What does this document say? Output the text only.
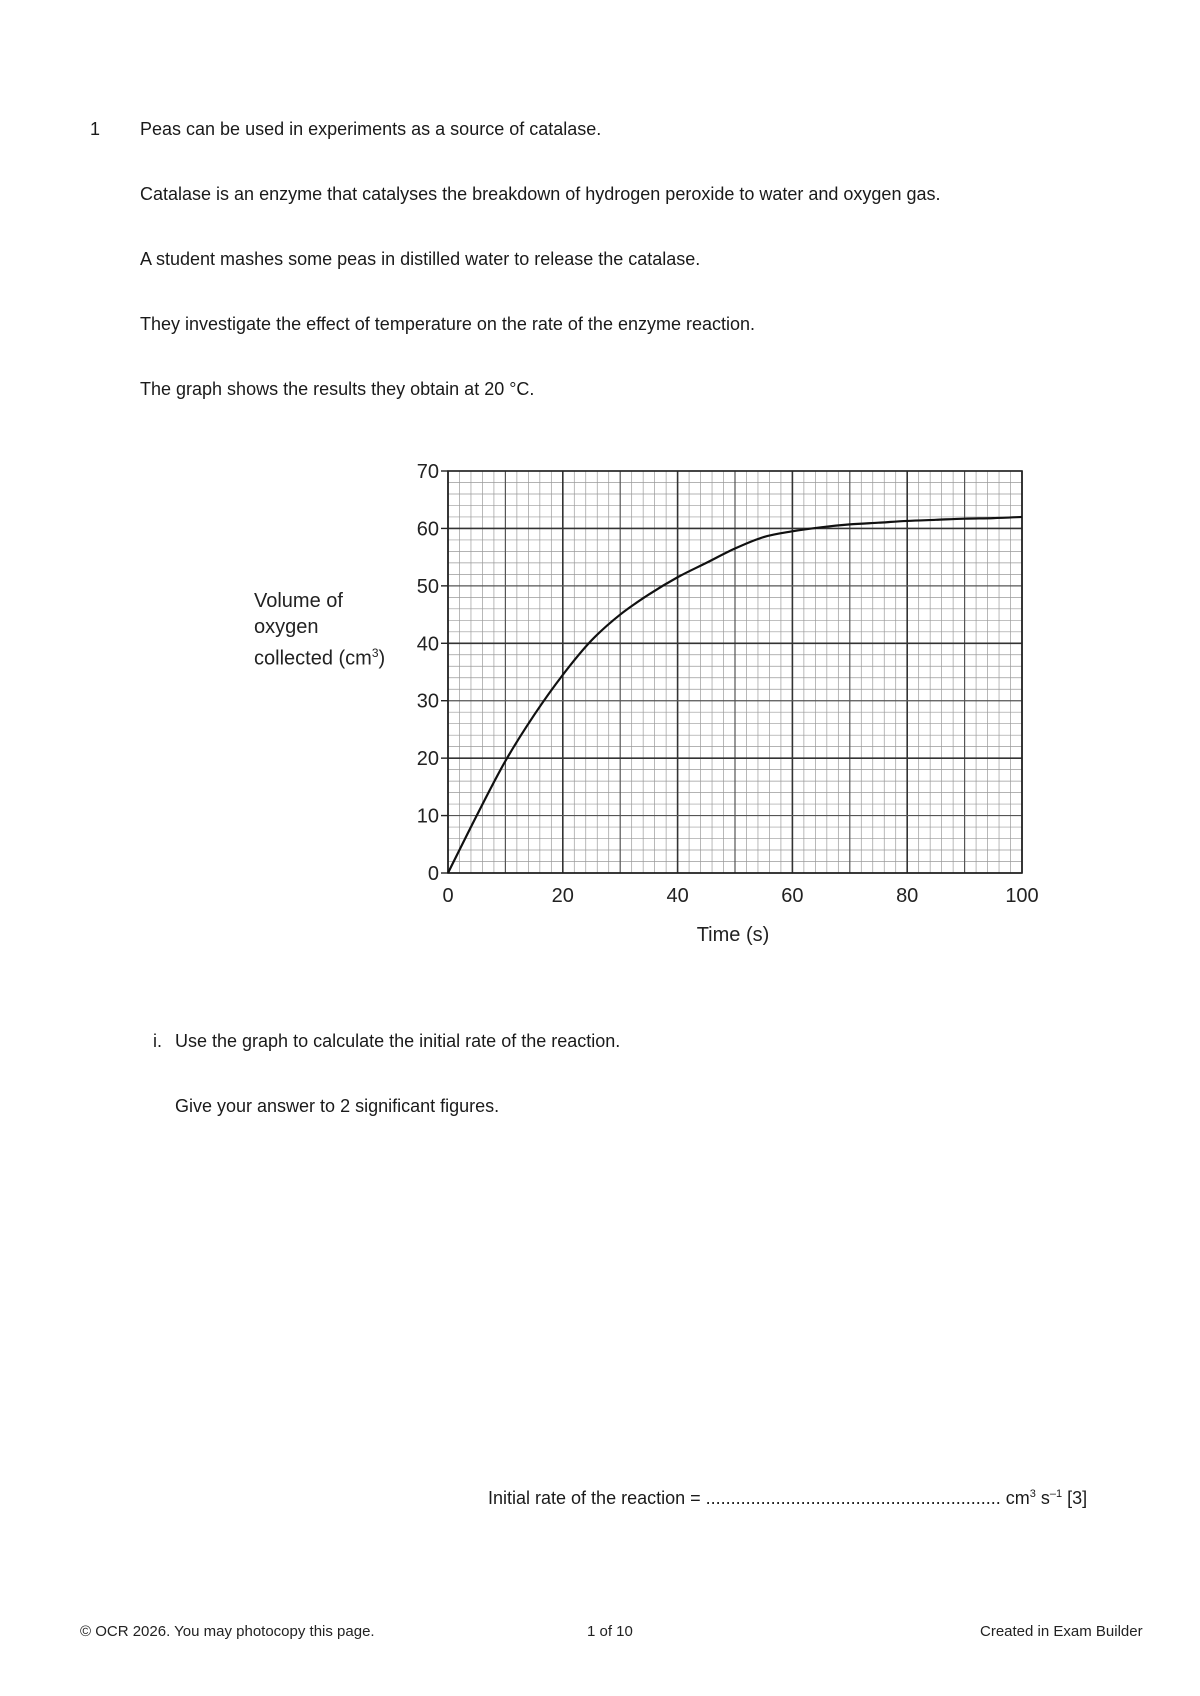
1 Peas can be used in experiments as a source of catalase.
Catalase is an enzyme that catalyses the breakdown of hydrogen peroxide to water and oxygen gas.
A student mashes some peas in distilled water to release the catalase.
They investigate the effect of temperature on the rate of the enzyme reaction.
The graph shows the results they obtain at 20 °C.
0
10
20
30
40
50
60
70
0	20	40	60	80	100
Time (s)
Volume of
oxygen
collected $(cm^3)$
i. Use the graph to calculate the initial rate of the reaction.
Give your answer to 2 significant figures.
Initial rate of the reaction = ........................................................... $cm^3$ $s^{-1}$ [3]
© OCR 2026. You may photocopy this page.	1 of 10	Created in Exam Builder
